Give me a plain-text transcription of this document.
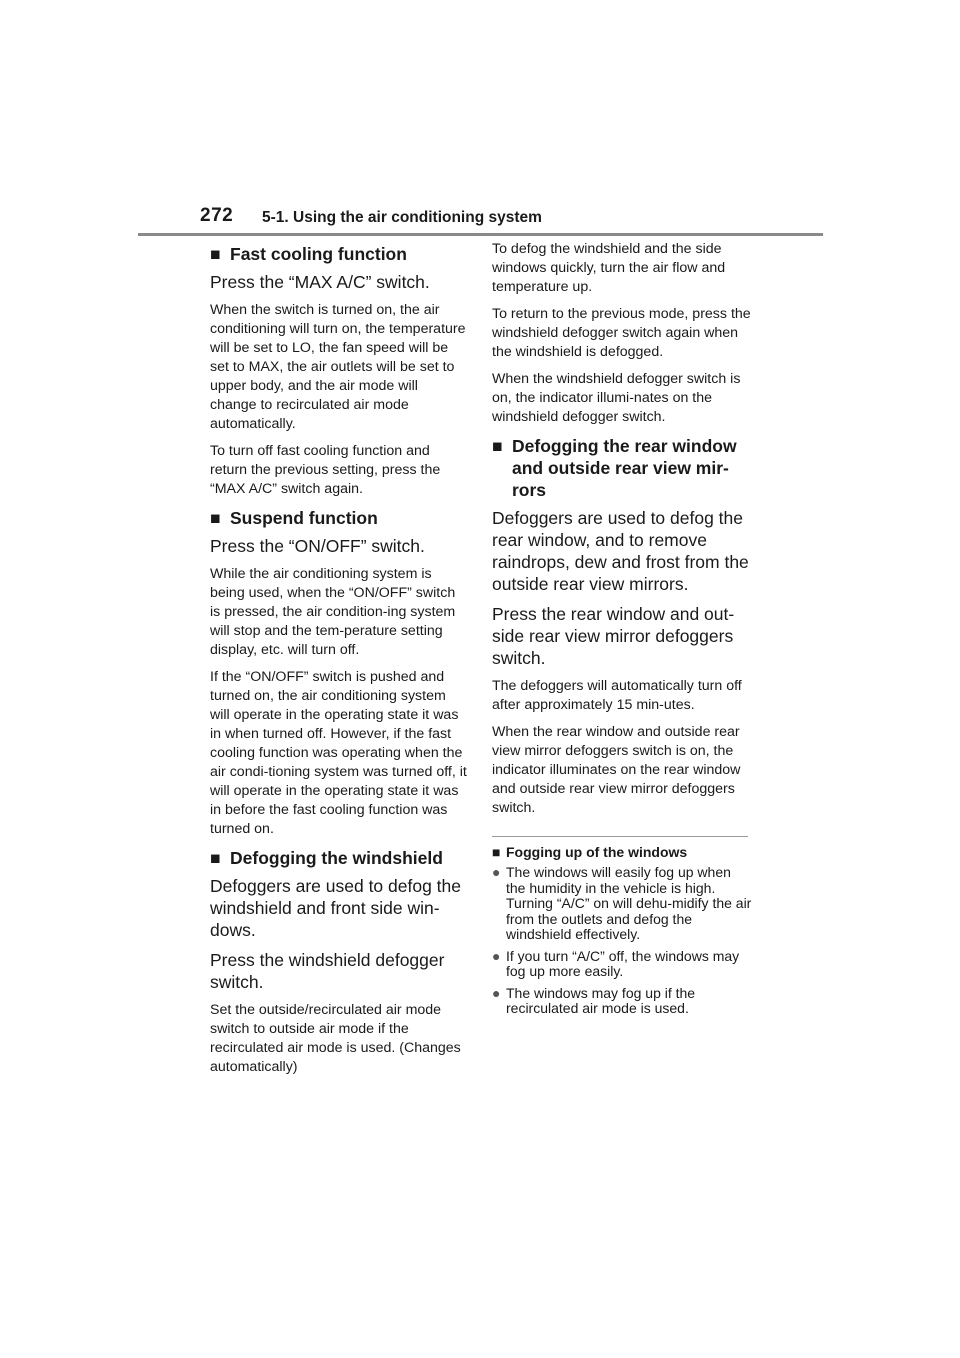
272 5-1. Using the air conditioning system
■ Fast cooling function

Press the “MAX A/C” switch.

When the switch is turned on, the air conditioning will turn on, the temperature will be set to LO, the fan speed will be set to MAX, the air outlets will be set to upper body, and the air mode will change to recirculated air mode automatically.

To turn off fast cooling function and return the previous setting, press the “MAX A/C” switch again.

■ Suspend function

Press the “ON/OFF” switch.

While the air conditioning system is being used, when the “ON/OFF” switch is pressed, the air condition-ing system will stop and the tem-perature setting display, etc. will turn off.

If the “ON/OFF” switch is pushed and turned on, the air conditioning system will operate in the operating state it was in when turned off. However, if the fast cooling function was operating when the air condi-tioning system was turned off, it will operate in the operating state it was in before the fast cooling function was turned on.

■ Defogging the windshield

Defoggers are used to defog the windshield and front side win-dows.

Press the windshield defogger switch.

Set the outside/recirculated air mode switch to outside air mode if the recirculated air mode is used. (Changes automatically)

To defog the windshield and the side windows quickly, turn the air flow and temperature up.

To return to the previous mode, press the windshield defogger switch again when the windshield is defogged.

When the windshield defogger switch is on, the indicator illumi-nates on the windshield defogger switch.

■ Defogging the rear window and outside rear view mir-rors

Defoggers are used to defog the rear window, and to remove raindrops, dew and frost from the outside rear view mirrors.

Press the rear window and out-side rear view mirror defoggers switch.

The defoggers will automatically turn off after approximately 15 min-utes.

When the rear window and outside rear view mirror defoggers switch is on, the indicator illuminates on the rear window and outside rear view mirror defoggers switch.

■ Fogging up of the windows
● The windows will easily fog up when the humidity in the vehicle is high. Turning “A/C” on will dehu-midify the air from the outlets and defog the windshield effectively.
● If you turn “A/C” off, the windows may fog up more easily.
● The windows may fog up if the recirculated air mode is used.
